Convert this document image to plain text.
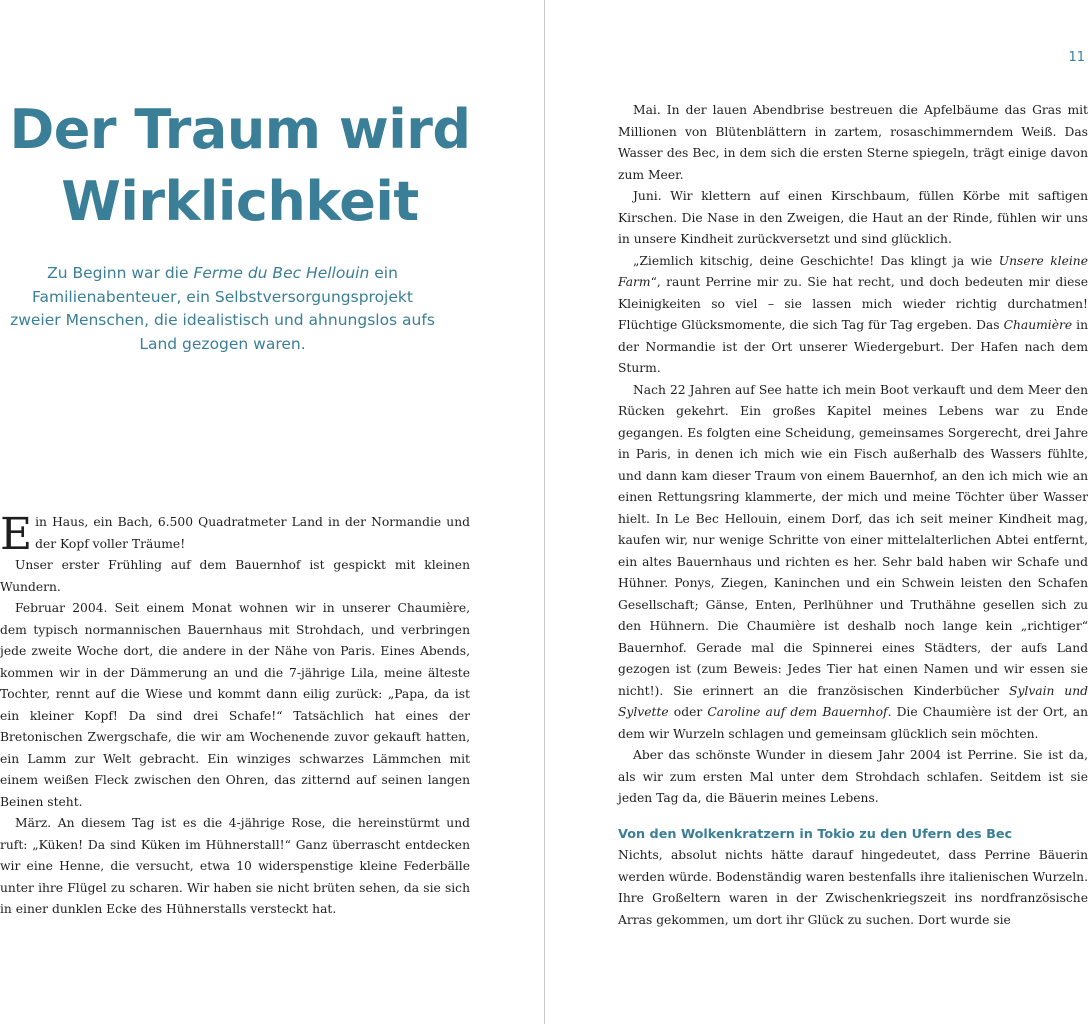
Der Traum wird Wirklichkeit

Zu Beginn war die Ferme du Bec Hellouin ein Familienabenteuer, ein Selbstversorgungsprojekt zweier Menschen, die idealistisch und ahnungslos aufs Land gezogen waren.

Ein Haus, ein Bach, 6.500 Quadratmeter Land in der Normandie und der Kopf voller Träume!

Unser erster Frühling auf dem Bauernhof ist gespickt mit kleinen Wundern.

Februar 2004. Seit einem Monat wohnen wir in unserer Chaumière, dem typisch normannischen Bauernhaus mit Strohdach, und verbringen jede zweite Woche dort, die andere in der Nähe von Paris. Eines Abends, kommen wir in der Dämmerung an und die 7-jährige Lila, meine älteste Tochter, rennt auf die Wiese und kommt dann eilig zurück: „Papa, da ist ein kleiner Kopf! Da sind drei Schafe!“ Tatsächlich hat eines der Bretonischen Zwergschafe, die wir am Wochenende zuvor gekauft hatten, ein Lamm zur Welt gebracht. Ein winziges schwarzes Lämmchen mit einem weißen Fleck zwischen den Ohren, das zitternd auf seinen langen Beinen steht.

März. An diesem Tag ist es die 4-jährige Rose, die hereinstürmt und ruft: „Küken! Da sind Küken im Hühnerstall!“ Ganz überrascht entdecken wir eine Henne, die versucht, etwa 10 widerspenstige kleine Federbälle unter ihre Flügel zu scharen. Wir haben sie nicht brüten sehen, da sie sich in einer dunklen Ecke des Hühnerstalls versteckt hat.

11

Mai. In der lauen Abendbrise bestreuen die Apfelbäume das Gras mit Millionen von Blütenblättern in zartem, rosaschimmerndem Weiß. Das Wasser des Bec, in dem sich die ersten Sterne spiegeln, trägt einige davon zum Meer.

Juni. Wir klettern auf einen Kirschbaum, füllen Körbe mit saftigen Kirschen. Die Nase in den Zweigen, die Haut an der Rinde, fühlen wir uns in unsere Kindheit zurückversetzt und sind glücklich.

„Ziemlich kitschig, deine Geschichte! Das klingt ja wie Unsere kleine Farm“, raunt Perrine mir zu. Sie hat recht, und doch bedeuten mir diese Kleinigkeiten so viel – sie lassen mich wieder richtig durchatmen! Flüchtige Glücksmomente, die sich Tag für Tag ergeben. Das Chaumière in der Normandie ist der Ort unserer Wiedergeburt. Der Hafen nach dem Sturm.

Nach 22 Jahren auf See hatte ich mein Boot verkauft und dem Meer den Rücken gekehrt. Ein großes Kapitel meines Lebens war zu Ende gegangen. Es folgten eine Scheidung, gemeinsames Sorgerecht, drei Jahre in Paris, in denen ich mich wie ein Fisch außerhalb des Wassers fühlte, und dann kam dieser Traum von einem Bauernhof, an den ich mich wie an einen Rettungsring klammerte, der mich und meine Töchter über Wasser hielt. In Le Bec Hellouin, einem Dorf, das ich seit meiner Kindheit mag, kaufen wir, nur wenige Schritte von einer mittelalterlichen Abtei entfernt, ein altes Bauernhaus und richten es her. Sehr bald haben wir Schafe und Hühner. Ponys, Ziegen, Kaninchen und ein Schwein leisten den Schafen Gesellschaft; Gänse, Enten, Perlhühner und Truthähne gesellen sich zu den Hühnern. Die Chaumière ist deshalb noch lange kein „richtiger“ Bauernhof. Gerade mal die Spinnerei eines Städters, der aufs Land gezogen ist (zum Beweis: Jedes Tier hat einen Namen und wir essen sie nicht!). Sie erinnert an die französischen Kinderbücher Sylvain und Sylvette oder Caroline auf dem Bauernhof. Die Chaumière ist der Ort, an dem wir Wurzeln schlagen und gemeinsam glücklich sein möchten.

Aber das schönste Wunder in diesem Jahr 2004 ist Perrine. Sie ist da, als wir zum ersten Mal unter dem Strohdach schlafen. Seitdem ist sie jeden Tag da, die Bäuerin meines Lebens.

Von den Wolkenkratzern in Tokio zu den Ufern des Bec

Nichts, absolut nichts hätte darauf hingedeutet, dass Perrine Bäuerin werden würde. Bodenständig waren bestenfalls ihre italienischen Wurzeln. Ihre Großeltern waren in der Zwischenkriegszeit ins nordfranzösische Arras gekommen, um dort ihr Glück zu suchen. Dort wurde sie
